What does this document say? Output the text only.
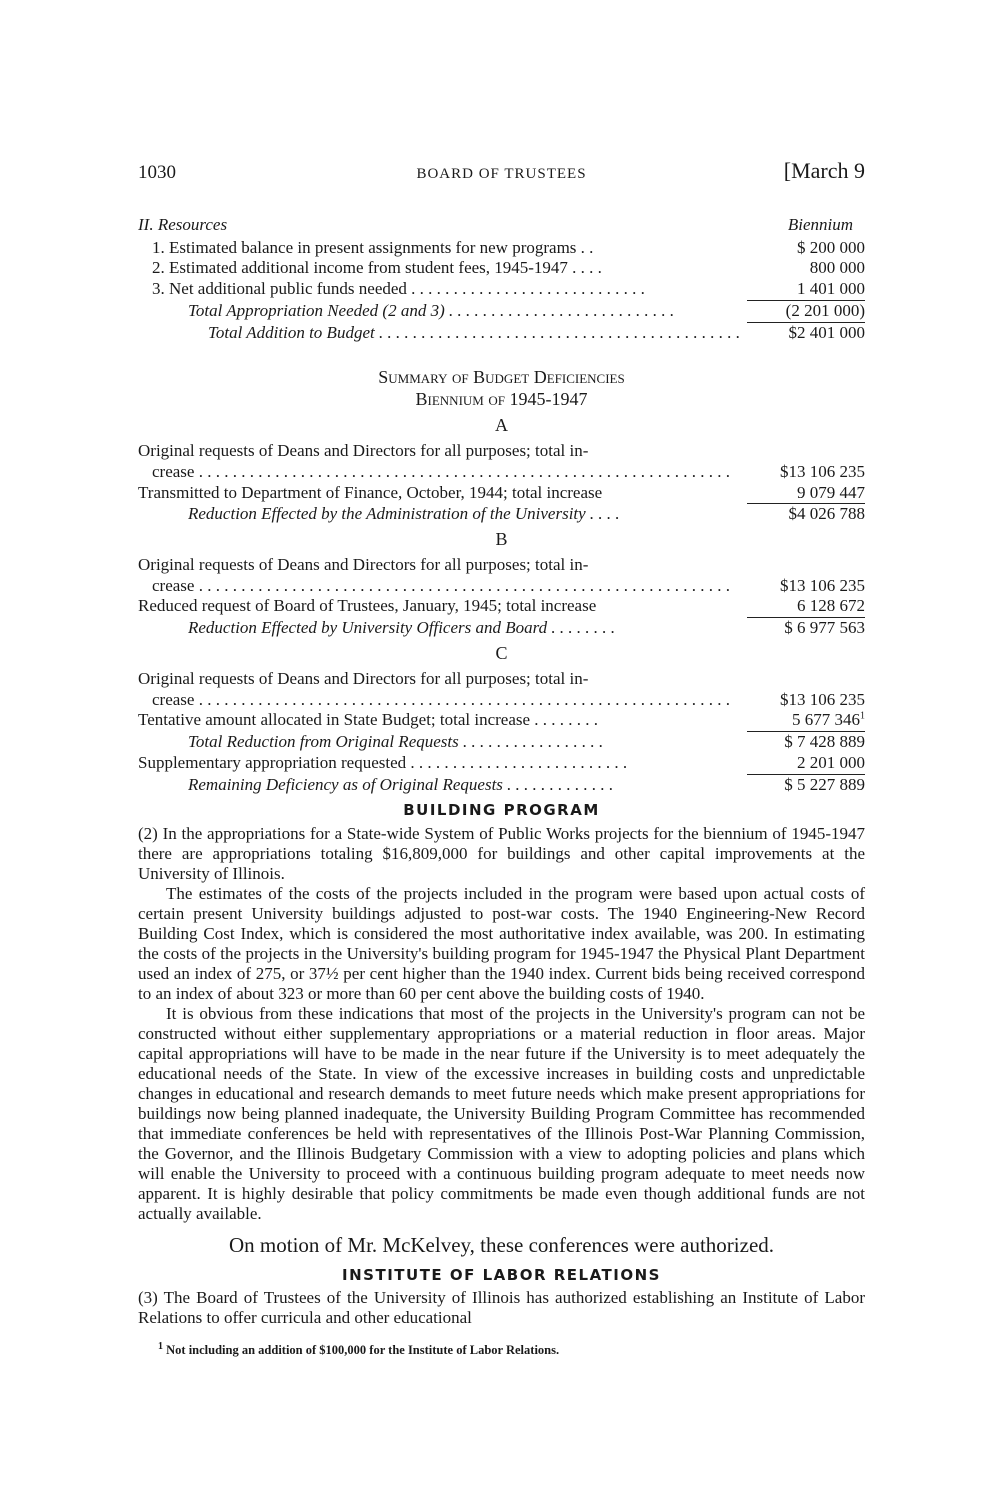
1030	BOARD OF TRUSTEES	[March 9
II. Resources	Biennium
1. Estimated balance in present assignments for new programs . .	$ 200 000
2. Estimated additional income from student fees, 1945-1947 . . . .	800 000
3. Net additional public funds needed . . . . . . . . . . . . . . . . . . . . . . . . . . . .	1 401 000
Total Appropriation Needed (2 and 3) . . . . . . . . . . . . . . . . . . . . . . . . . . .	(2 201 000)
Total Addition to Budget . . . . . . . . . . . . . . . . . . . . . . . . . . . . . . . . . . . . . . . . . . .	$2 401 000
Summary of Budget Deficiencies
Biennium of 1945-1947
A
Original requests of Deans and Directors for all purposes; total in-
crease . . . . . . . . . . . . . . . . . . . . . . . . . . . . . . . . . . . . . . . . . . . . . . . . . . . . . . . . . . . . . . .	$13 106 235
Transmitted to Department of Finance, October, 1944; total increase	9 079 447
Reduction Effected by the Administration of the University . . . .	$4 026 788
B
Original requests of Deans and Directors for all purposes; total in-
crease . . . . . . . . . . . . . . . . . . . . . . . . . . . . . . . . . . . . . . . . . . . . . . . . . . . . . . . . . . . . . . .	$13 106 235
Reduced request of Board of Trustees, January, 1945; total increase	6 128 672
Reduction Effected by University Officers and Board . . . . . . . .	$ 6 977 563
C
Original requests of Deans and Directors for all purposes; total in-
crease . . . . . . . . . . . . . . . . . . . . . . . . . . . . . . . . . . . . . . . . . . . . . . . . . . . . . . . . . . . . . . .	$13 106 235
Tentative amount allocated in State Budget; total increase . . . . . . . .	5 677 $346^1$
Total Reduction from Original Requests . . . . . . . . . . . . . . . . .	$ 7 428 889
Supplementary appropriation requested . . . . . . . . . . . . . . . . . . . . . . . . . .	2 201 000
Remaining Deficiency as of Original Requests . . . . . . . . . . . . .	$ 5 227 889
BUILDING PROGRAM

(2) In the appropriations for a State-wide System of Public Works projects for the biennium of 1945-1947 there are appropriations totaling $16,809,000 for buildings and other capital improvements at the University of Illinois.

The estimates of the costs of the projects included in the program were based upon actual costs of certain present University buildings adjusted to post-war costs. The 1940 Engineering-New Record Building Cost Index, which is considered the most authoritative index available, was 200. In estimating the costs of the projects in the University's building program for 1945-1947 the Physical Plant Department used an index of 275, or 37½ per cent higher than the 1940 index. Current bids being received correspond to an index of about 323 or more than 60 per cent above the building costs of 1940.

It is obvious from these indications that most of the projects in the University's program can not be constructed without either supplementary appropriations or a material reduction in floor areas. Major capital appropriations will have to be made in the near future if the University is to meet adequately the educational needs of the State. In view of the excessive increases in building costs and unpredictable changes in educational and research demands to meet future needs which make present appropriations for buildings now being planned inadequate, the University Building Program Committee has recommended that immediate conferences be held with representatives of the Illinois Post-War Planning Commission, the Governor, and the Illinois Budgetary Commission with a view to adopting policies and plans which will enable the University to proceed with a continuous building program adequate to meet needs now apparent. It is highly desirable that policy commitments be made even though additional funds are not actually available.

On motion of Mr. McKelvey, these conferences were authorized.
INSTITUTE OF LABOR RELATIONS

(3) The Board of Trustees of the University of Illinois has authorized establishing an Institute of Labor Relations to offer curricula and other educational

$^1$ Not including an addition of $100,000 for the Institute of Labor Relations.
